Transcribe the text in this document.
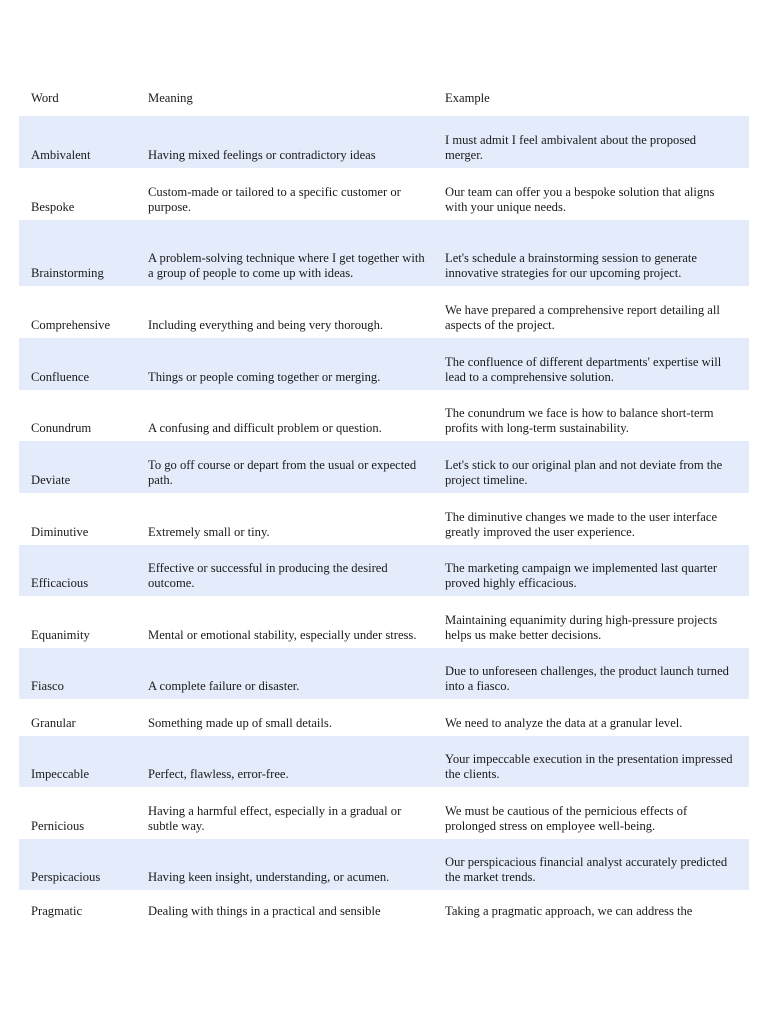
Word	Meaning	Example
Ambivalent	Having mixed feelings or contradictory ideas	I must admit I feel ambivalent about the proposed merger.
Bespoke	Custom-made or tailored to a specific customer or purpose.	Our team can offer you a bespoke solution that aligns with your unique needs.
Brainstorming	A problem-solving technique where I get together with a group of people to come up with ideas.	Let's schedule a brainstorming session to generate innovative strategies for our upcoming project.
Comprehensive	Including everything and being very thorough.	We have prepared a comprehensive report detailing all aspects of the project.
Confluence	Things or people coming together or merging.	The confluence of different departments' expertise will lead to a comprehensive solution.
Conundrum	A confusing and difficult problem or question.	The conundrum we face is how to balance short-term profits with long-term sustainability.
Deviate	To go off course or depart from the usual or expected path.	Let's stick to our original plan and not deviate from the project timeline.
Diminutive	Extremely small or tiny.	The diminutive changes we made to the user interface greatly improved the user experience.
Efficacious	Effective or successful in producing the desired outcome.	The marketing campaign we implemented last quarter proved highly efficacious.
Equanimity	Mental or emotional stability, especially under stress.	Maintaining equanimity during high-pressure projects helps us make better decisions.
Fiasco	A complete failure or disaster.	Due to unforeseen challenges, the product launch turned into a fiasco.
Granular	Something made up of small details.	We need to analyze the data at a granular level.
Impeccable	Perfect, flawless, error-free.	Your impeccable execution in the presentation impressed the clients.
Pernicious	Having a harmful effect, especially in a gradual or subtle way.	We must be cautious of the pernicious effects of prolonged stress on employee well-being.
Perspicacious	Having keen insight, understanding, or acumen.	Our perspicacious financial analyst accurately predicted the market trends.
Pragmatic	Dealing with things in a practical and sensible	Taking a pragmatic approach, we can address the
